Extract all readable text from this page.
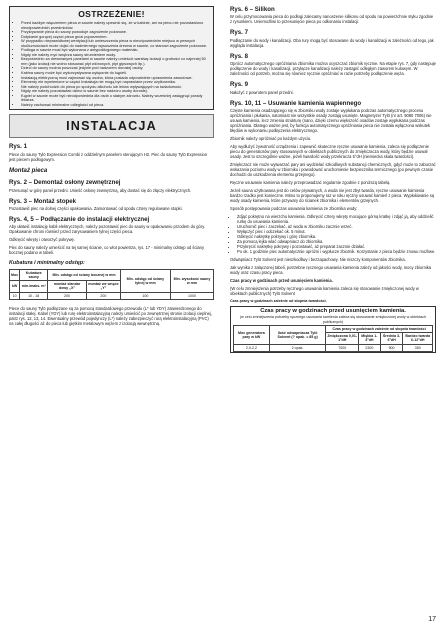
OSTRZEŻENIE!
• Przed każdym włączeniem pieca w saunie należy upewnić się, że w kabinie, ani na piecu nie pozostawiono nieodpowiednich przedmiotów.
• Przykrywanie pieca do sauny powoduje zagrożenie pożarowe.
• Dotykanie gorącej części pieca grozi poparzeniem.
• W przypadku nieprawidłowej wentylacji lub umieszczenia pieca w nieodpowiednim miejscu w pewnych okolicznościach może dojść do nadmiernego wysuszenia drewna w saunie, co stanowi zagrożenie pożarowe.
• Podłoga w saunie musi być wykonana z antypoślizgowego materiału.
• Nigdy nie należy myć wnętrza sauny strumieniem wody.
• Bezpośrednio za drewnianymi panelami w saunie należy umieścić warstwę izolacji o grubości co najmniej 50 mm (jako izolacji nie wolno stosować płyt wiórowych, płyt gipsowych itp.).
• Dzieci do sauny można puszczać jedynie pod nadzorem dorosłej osoby.
• Kabina sauny może być wykorzystywana wyłącznie do kąpieli.
• Instalacją elektryczną musi zajmować się osoba, która posiada odpowiednie uprawnienia zawodowe.
• Elementy nie wymienione w części Instalacja nie mogą być naprawiane przez użytkownika.
• Nie należy podchodzić do pieca po spożyciu alkoholu lub leków wpływających na świadomość.
• Nigdy nie należy pozostawiać dzieci w saunie bez nadzoru osoby dorosłej.
• Kąpiel w saunie może być nieodpowiednia dla osób o słabym zdrowiu. Należy wcześniej zasięgnąć porady lekarza.
• Należy zachować minimalne odległości od pieca.
INSTALACJA
Rys. 1

Piece do sauny Tylö Expression Combi z oddzielnym panelem sterującym H2. Piec do sauny Tylö Expression jest piecem podłogowym.

Montaż pieca
Rys. 2 – Demontaż osłony zewnętrznej

Przesunąć w górę panel przedni. Unieść osłonę zewnętrzną, aby dostać się do złączy elektrycznych.

Rys. 3 – Montaż stopek

Pozostawić piec na dolnej części opakowania. Zamontować od spodu cztery regulowane stopki.

Rys. 4, 5 – Podłączanie do instalacji elektrycznej

Aby ułatwić instalację kabli elektrycznych, należy pozostawić piec do sauny w opakowaniu przodem do góry. Opakowanie chroni również przed zarysowaniem tylnej części pieca.

Odkręcić wkręty i otworzyć pokrywę.

Piec do sauny należy umieścić na tej samej ścianie, co wlot powietrza, rys. 17 - minimalny odstęp od ściany bocznej podano w tabeli.

Kubatura i minimalny odstęp:
Moc	Kubatura sauny	Min. odstęp od ściany bocznej w mm		Min. odstęp od ściany tylnej w mm	Min. wysokość sauny w mm
kW	min./maks. m³	montaż standar dowy „X"	montaż we wnęce „Y"		
10	10 - 18	200	200	100	1000

Piece do sauny Tylö podłączane są za pomocą standardowego przewodu (L* lub YDY) zatwierdzonego do instalacji stałej. Kabel (YDY) lub rurę elektroinstalacyjną należy umieścić po zewnętrznej stronie izolacji cieplnej, patrz rys. 12, 13, 14. Ewentualny przewód pojedynczy (L*) należy zabezpieczyć rurą elektroinstalacyjną (PVC) na całej długości aż do pieca lub giętkim metalowym wężem z izolacją wewnętrzną.

Rys. 6 – Silikon

W celu przymocowania pieca do podłogi zalecamy nanoszenie silikonu od spodu na powierzchnie styku zgodnie z rysunkiem. Uniemożliwi to przesunięcie pieca po odkonaniu instalacji.

Rys. 7

Podłączanie do wody i kanalizacji. Oba rury mogą być stosowane do wody i kanalizacji w zależności od tego, jak wygląda instalacja.

Rys. 8

Oprócz automatycznego opróżniania zbiornika można ocyszczać zbiornik ręcznie. Na etapie rys. 7, gdy następuje podłączenie do wody i kanalizacji, przyłącze kanalizacji należy zastąpić odległym zaworem kulowym. W zależności od potrzeb, można się równiez ręcznie opróżniać w razie potrzeby podłączenie węża.

Rys. 9

Nałożyć z powrotem panel przedni.

Rys. 10, 11 – Usuwanie kamienia wapiennego

Częste kamienia osadzającego się w zbiorniku wody zostaje wypłukana podczas automatycznego procesu opróżniania i płukania, natomiast nie wszystkie osady zostają usunięte. Magnetyzer Tylö (nr art. 9080 7006) nie usuwa kamienia, lecz zmienia strukturę (nano, dzięki czemu większość osadów zostaje wypłukana podczas opróżniania. Dlatego ważne jest, by funkcja automatycznego opróżniania pieca nie została wyłączona wskutek błędów w wykonaniu podłączenia elektrycznego.

Zbiornik należy opróżniać po każdym użyciu.

Aby wydłużyć żywotność urządzenia i zapewnić skuteczne ręczne usuwanie kamienia, zaleca się podłączenie piecu do generatorów pary stosowanych w obiektach publicznych do zmiękczacza wody, który będzie usuwał osady. Jest to szczególnie ważne, jeżeli twardość wody przekracza 5°dH (niemiecka skala twardości).

Zmiękczacz nie może wytwarzać pary ani wydzielać szkodliwych substancji chemicznych, gdyż może to zaburzać wskazania poziomu wody w zbiorniku i powodować uruchomienie bezpiecznika termicznego (po pewnym czasie dochodzi do uszkodzenia elementu grzejnego).

Ręczne usuwanie kamienia należy przeprowadzać regularnie zgodnie z poniższą tabelą.

Jeżeli sauna użytkowana jest do celów prywatnych, a woda nie jest zbyt twarda, ręczne usuwanie kamienia bardzo rzadko jest konieczne. Mimo to proponujemy raz w roku ręczny usuwać kamień z pieca. Wypłukiwanie są wody osady kamienia, które przywary do ścianek zbiornika i elementów grzejnych.

Sposób postępowania podczas usuwania kamienia ze zbiornika wody:

• Zdjąć pokrętno na wierzchu kamienia. Odkręcić cztery wkręty mocujące górną kratkę i zdjąć ją, aby oddzielić rurkę do usuwania kamienia.
• Uruchomić piec i zaczekać, aż woda w zbiorniku zacznie wrzeć.
• Wyłączyć piec i odczekać ok. 5 minut.
• Odkręcić nakrętkę pokrywy i górę zbiornika.
• Za pomocą lejka wlać odwapniacz do zbiornika.
• Przykręcić nakrętkę pokrywy i pozostawić, aż preparat zacznie działać.
• Po ok. 1 godzinie piec automatycznie opróżni i wypłucze zbiornik. Korzystanie z pieca będzie znowu możliwe.

Odwapniacz Tylö Solvent jest nieszkodliwy i bezzapachowy. Nie niszczy komponentów zbiornika.

Jak wynika z załączonej tabeli, potrzebne ręcznego usuwania kamienia zależy od jakości wody, mocy zbiornika wody oraz czasu pracy pieca.

Czas pracy w godzinach przed usunięciem kamienia.

(W celu zmniejszenia potrzeby ręcznego usuwania kamienia zaleca się stosowanie zmiękczonej wody w obiektach publicznych) Tylö Solvent

Czas pracy w godzinach zależnie od stopnia twardości.

Czas pracy w godzinach przed usunięciem kamienia.

(w celu zmniejszenia potrzeby ręcznego usuwania kamienia zaleca się stosowanie zmiękczonej wody w obiektach publicznych)

Moc generatora pary w kW	Ilość odwapniacza Tylö Solvent (? opak. = 85 g)	Czas pracy w godzinach zależnie od stopnia twardości			
		Zmiękczona 0,01-1°dH	Miękka 1-3°dH	Średnia 3-6°dH	Bardzo twarda 6-12°dH
2,0-2,2	2 opak.	7000	2300	900	350
17
